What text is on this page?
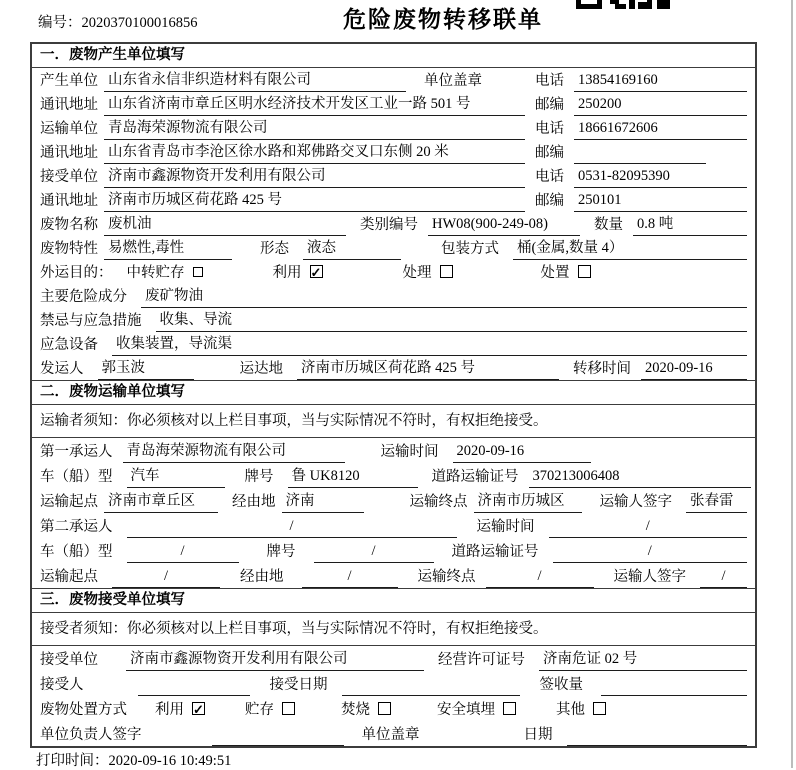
编号：2020370100016856	危险废物转移联单
一．废物产生单位填写
产生单位 山东省永信非织造材料有限公司	单位盖章	电话 13854169160
通讯地址 山东省济南市章丘区明水经济技术开发区工业一路 501 号	邮编 250200
运输单位 青岛海荣源物流有限公司	电话 18661672606
通讯地址 山东省青岛市李沧区徐水路和郑佛路交叉口东侧 20 米	邮编
接受单位 济南市鑫源物资开发利用有限公司	电话 0531-82095390
通讯地址 济南市历城区荷花路 425 号	邮编 250101
废物名称 废机油	类别编号 HW08(900-249-08)	数量 0.8 吨
废物特性 易燃性,毒性	形态 液态	包装方式 桶(金属,数量 4）
外运目的： 中转贮存	利用 ✓	处理	处置
主要危险成分 废矿物油
禁忌与应急措施 收集、导流
应急设备 收集装置，导流渠
发运人 郭玉波	运达地 济南市历城区荷花路 425 号	转移时间 2020-09-16
二．废物运输单位填写
运输者须知：你必须核对以上栏目事项，当与实际情况不符时，有权拒绝接受。
第一承运人 青岛海荣源物流有限公司	运输时间 2020-09-16
车（船）型 汽车	牌号 鲁 UK8120	道路运输证号 370213006408
运输起点 济南市章丘区	经由地 济南	运输终点 济南市历城区	运输人签字 张春雷
第二承运人	/	运输时间	/
车（船）型	/	牌号	/	道路运输证号	/
运输起点	/	经由地	/	运输终点	/	运输人签字	/
三．废物接受单位填写
接受者须知：你必须核对以上栏目事项，当与实际情况不符时，有权拒绝接受。
接受单位 济南市鑫源物资开发利用有限公司	经营许可证号 济南危证 02 号
接受人	接受日期	签收量
废物处置方式 利用 ✓	贮存	焚烧	安全填埋	其他
单位负责人签字	单位盖章	日期
打印时间：2020-09-16 10:49:51
